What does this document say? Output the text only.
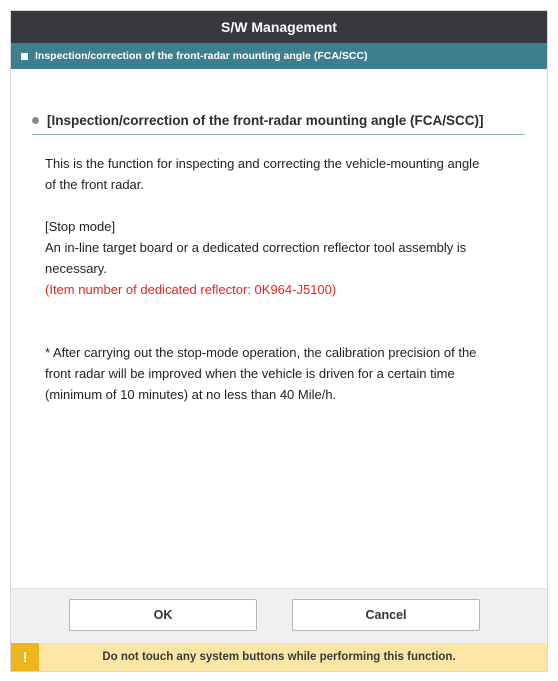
S/W Management
Inspection/correction of the front-radar mounting angle (FCA/SCC)
[Inspection/correction of the front-radar mounting angle (FCA/SCC)]

This is the function for inspecting and correcting the vehicle-mounting angle

of the front radar.

[Stop mode]

An in-line target board or a dedicated correction reflector tool assembly is

necessary.

(Item number of dedicated reflector: 0K964-J5100)

* After carrying out the stop-mode operation, the calibration precision of the

front radar will be improved when the vehicle is driven for a certain time

(minimum of 10 minutes) at no less than 40 Mile/h.

OK	Cancel
!	Do not touch any system buttons while performing this function.
